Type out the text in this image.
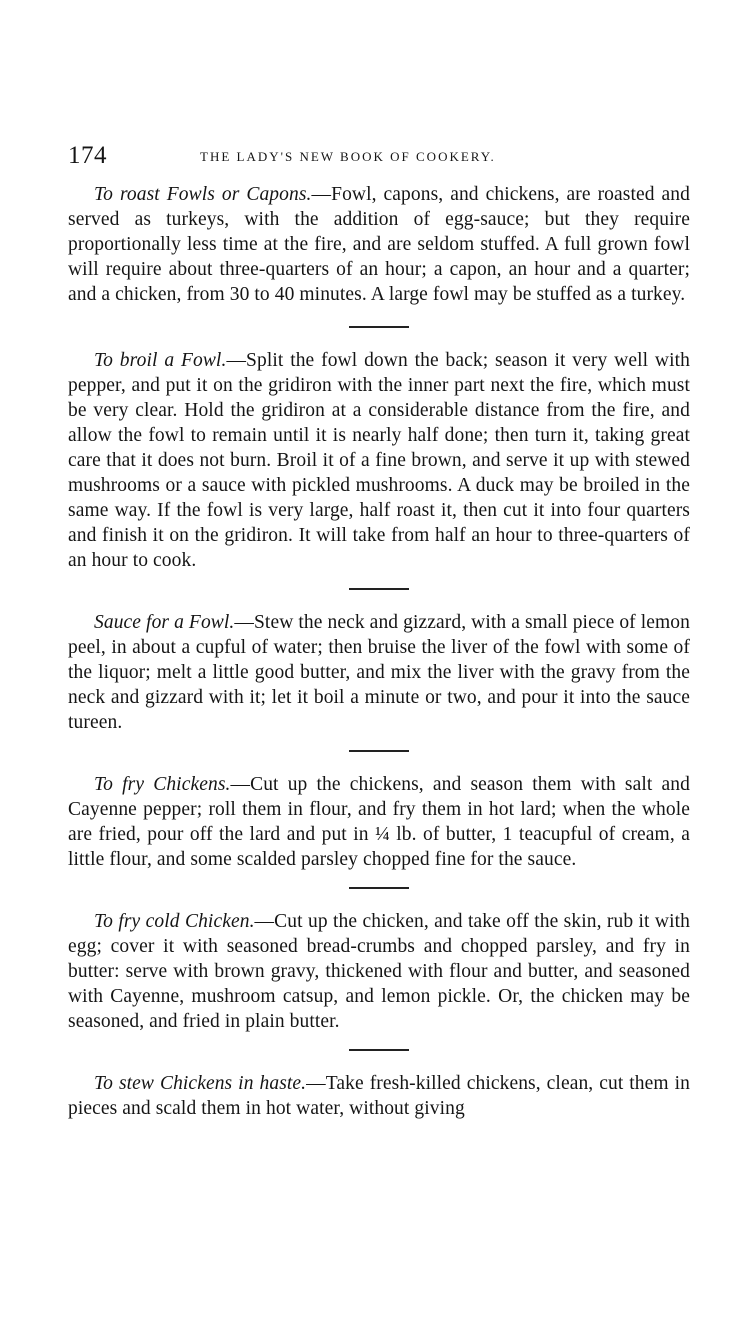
174	THE LADY'S NEW BOOK OF COOKERY.

To roast Fowls or Capons.—Fowl, capons, and chickens, are roasted and served as turkeys, with the addition of egg-sauce; but they require proportionally less time at the fire, and are seldom stuffed. A full grown fowl will require about three-quarters of an hour; a capon, an hour and a quarter; and a chicken, from 30 to 40 minutes. A large fowl may be stuffed as a turkey.

To broil a Fowl.—Split the fowl down the back; season it very well with pepper, and put it on the gridiron with the inner part next the fire, which must be very clear. Hold the gridiron at a considerable distance from the fire, and allow the fowl to remain until it is nearly half done; then turn it, taking great care that it does not burn. Broil it of a fine brown, and serve it up with stewed mushrooms or a sauce with pickled mushrooms. A duck may be broiled in the same way. If the fowl is very large, half roast it, then cut it into four quarters and finish it on the gridiron. It will take from half an hour to three-quarters of an hour to cook.

Sauce for a Fowl.—Stew the neck and gizzard, with a small piece of lemon peel, in about a cupful of water; then bruise the liver of the fowl with some of the liquor; melt a little good butter, and mix the liver with the gravy from the neck and gizzard with it; let it boil a minute or two, and pour it into the sauce tureen.

To fry Chickens.—Cut up the chickens, and season them with salt and Cayenne pepper; roll them in flour, and fry them in hot lard; when the whole are fried, pour off the lard and put in ¼ lb. of butter, 1 teacupful of cream, a little flour, and some scalded parsley chopped fine for the sauce.

To fry cold Chicken.—Cut up the chicken, and take off the skin, rub it with egg; cover it with seasoned bread-crumbs and chopped parsley, and fry in butter: serve with brown gravy, thickened with flour and butter, and seasoned with Cayenne, mushroom catsup, and lemon pickle. Or, the chicken may be seasoned, and fried in plain butter.

To stew Chickens in haste.—Take fresh-killed chickens, clean, cut them in pieces and scald them in hot water, without giving
